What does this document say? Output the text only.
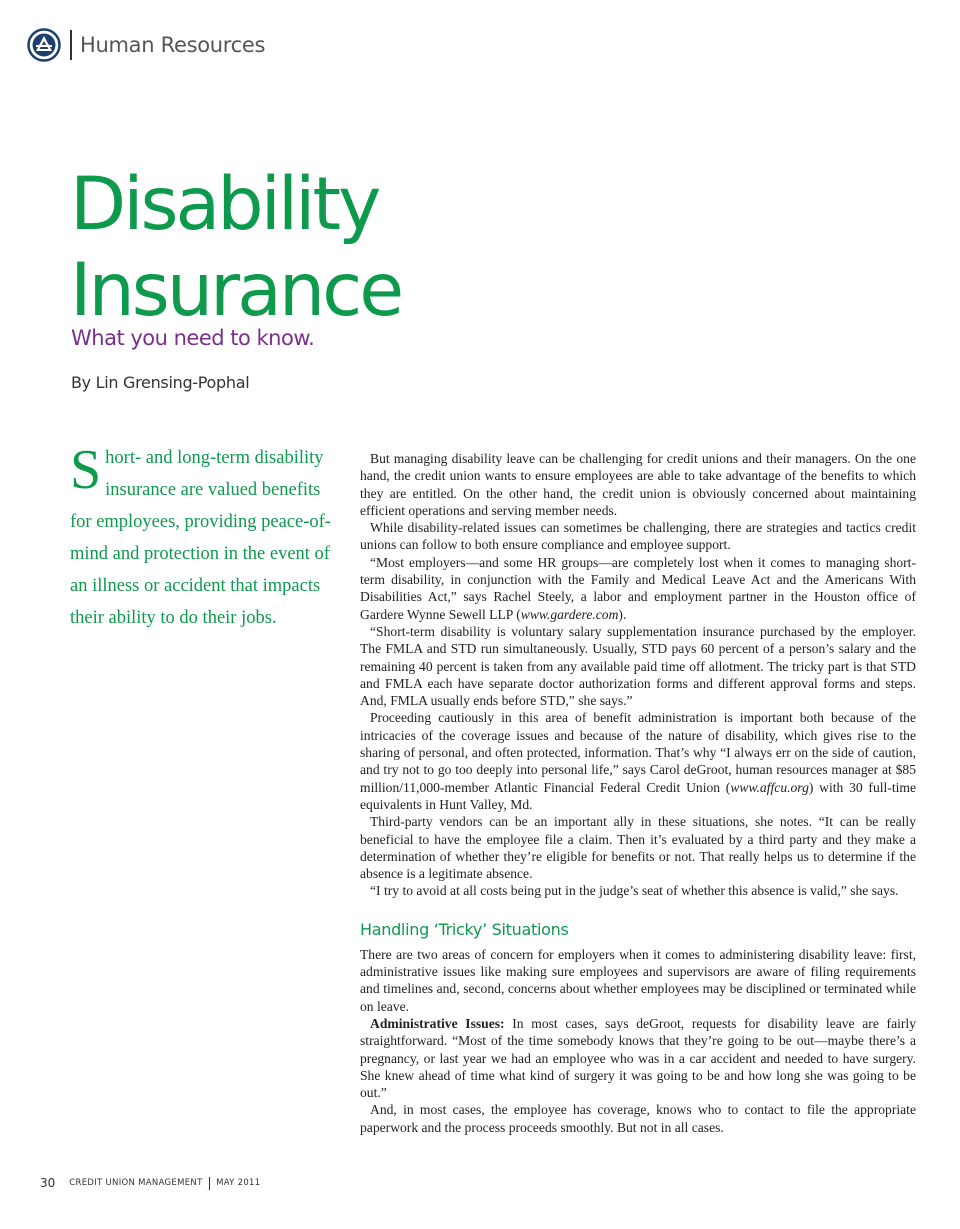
Human Resources
Disability
Insurance
What you need to know.
By Lin Grensing-Pophal
Short- and long-term disability insurance are valued benefits for employees, providing peace-of-mind and protection in the event of an illness or accident that impacts their ability to do their jobs.

But managing disability leave can be challenging for credit unions and their managers. On the one hand, the credit union wants to ensure employees are able to take advantage of the benefits to which they are entitled. On the other hand, the credit union is obviously concerned about maintaining efficient operations and serving member needs.

While disability-related issues can sometimes be challenging, there are strategies and tactics credit unions can follow to both ensure compliance and employee support.

“Most employers—and some HR groups—are completely lost when it comes to managing short-term disability, in conjunction with the Family and Medical Leave Act and the Americans With Disabilities Act,” says Rachel Steely, a labor and employment partner in the Houston office of Gardere Wynne Sewell LLP (www.gardere.com).

“Short-term disability is voluntary salary supplementation insurance purchased by the employer. The FMLA and STD run simultaneously. Usually, STD pays 60 percent of a person’s salary and the remaining 40 percent is taken from any available paid time off allotment. The tricky part is that STD and FMLA each have separate doctor authorization forms and different approval forms and steps. And, FMLA usually ends before STD,” she says.”

Proceeding cautiously in this area of benefit administration is important both because of the intricacies of the coverage issues and because of the nature of disability, which gives rise to the sharing of personal, and often protected, information. That’s why “I always err on the side of caution, and try not to go too deeply into personal life,” says Carol deGroot, human resources manager at $85 million/11,000-member Atlantic Financial Federal Credit Union (www.affcu.org) with 30 full-time equivalents in Hunt Valley, Md.

Third-party vendors can be an important ally in these situations, she notes. “It can be really beneficial to have the employee file a claim. Then it’s evaluated by a third party and they make a determination of whether they’re eligible for benefits or not. That really helps us to determine if the absence is a legitimate absence.

“I try to avoid at all costs being put in the judge’s seat of whether this absence is valid,” she says.

Handling ‘Tricky’ Situations

There are two areas of concern for employers when it comes to administering disability leave: first, administrative issues like making sure employees and supervisors are aware of filing requirements and timelines and, second, concerns about whether employees may be disciplined or terminated while on leave.

Administrative Issues: In most cases, says deGroot, requests for disability leave are fairly straightforward. “Most of the time somebody knows that they’re going to be out—maybe there’s a pregnancy, or last year we had an employee who was in a car accident and needed to have surgery. She knew ahead of time what kind of surgery it was going to be and how long she was going to be out.”

And, in most cases, the employee has coverage, knows who to contact to file the appropriate paperwork and the process proceeds smoothly. But not in all cases.

30 CREDIT UNION MANAGEMENT MAY 2011
